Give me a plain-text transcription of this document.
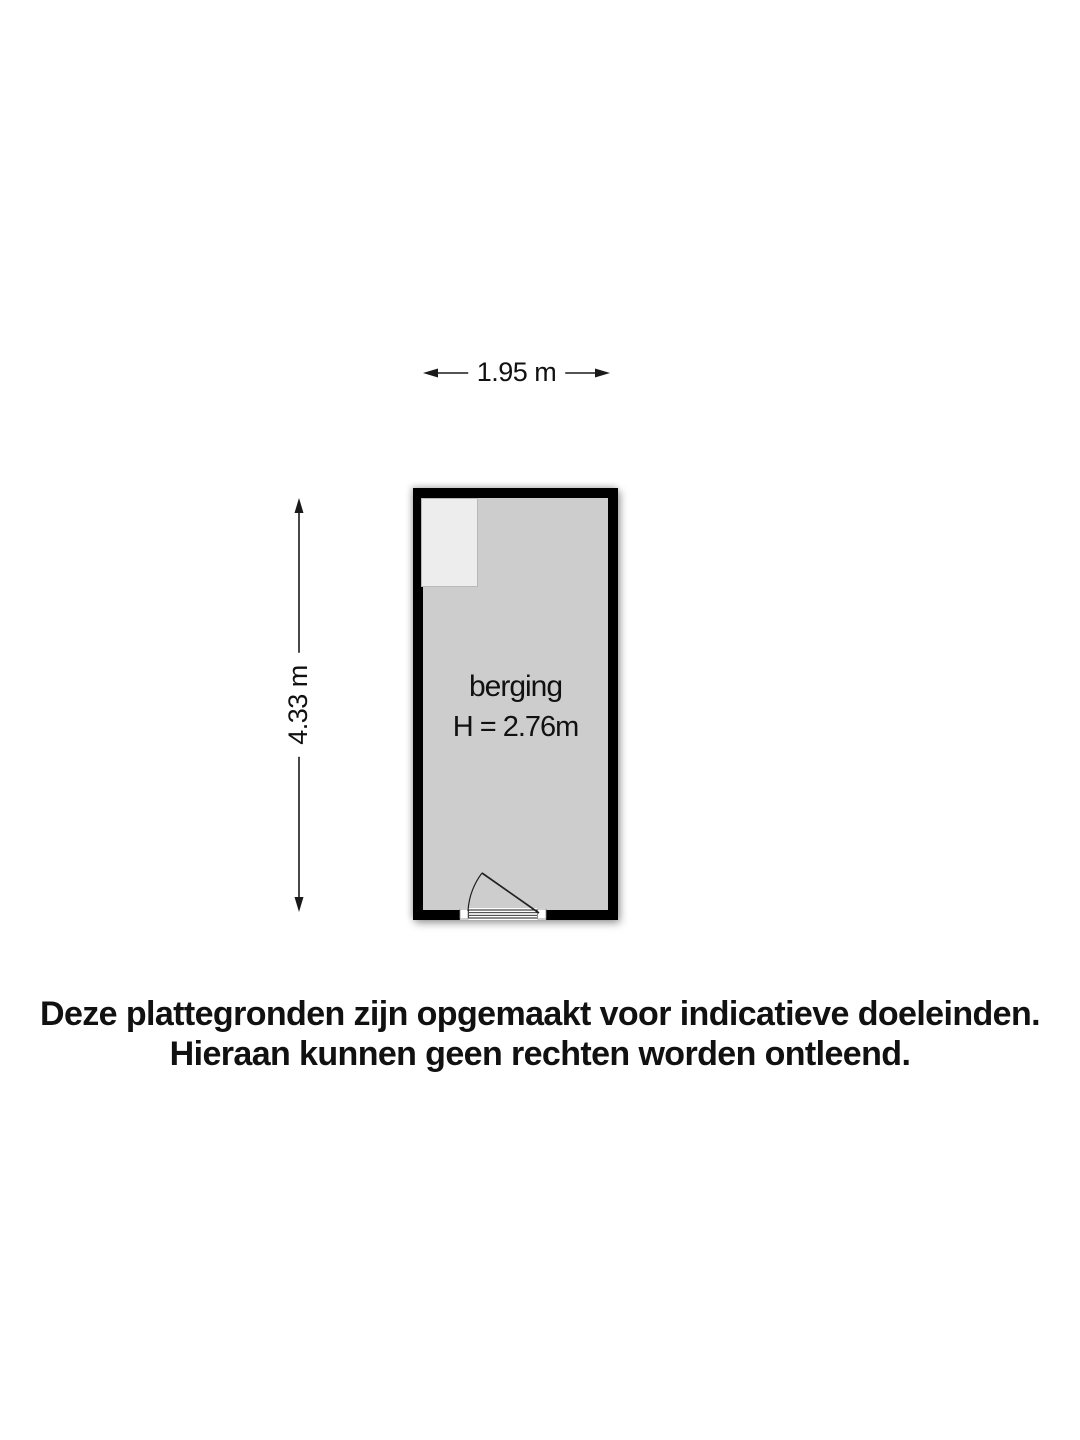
1.95 m
4.33 m	berging
H = 2.76m
Deze plattegronden zijn opgemaakt voor indicatieve doeleinden.
Hieraan kunnen geen rechten worden ontleend.
